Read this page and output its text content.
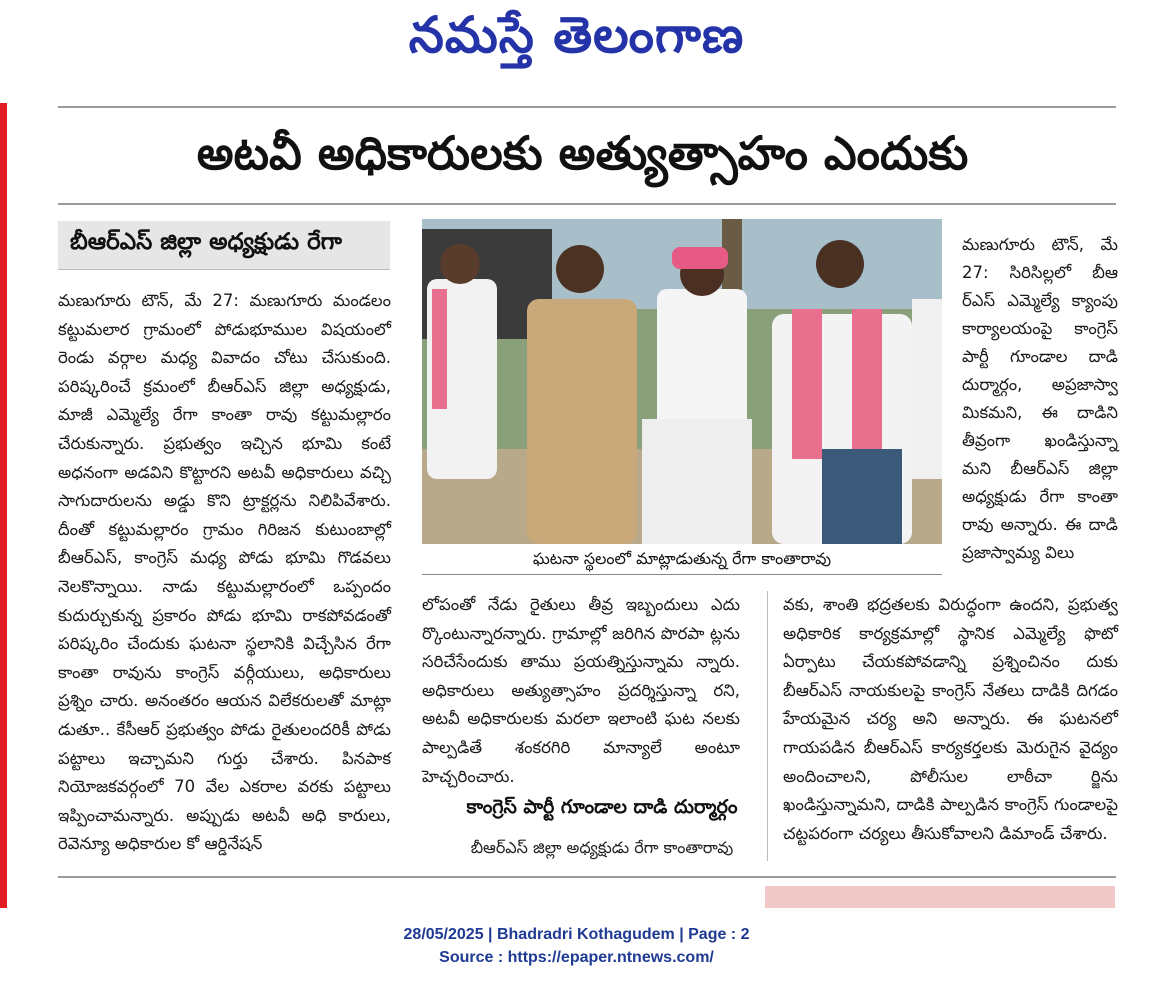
నమస్తే తెలంగాణ
అటవీ అధికారులకు అత్యుత్సాహం ఎందుకు
బీఆర్ఎస్ జిల్లా అధ్యక్షుడు రేగా
మణుగూరు టౌన్, మే 27: మణుగూరు మండలం కట్టుమలార గ్రామంలో పోడుభూముల విషయంలో రెండు వర్గాల మధ్య వివాదం చోటు చేసుకుంది. పరిష్కరించే క్రమంలో బీఆర్ఎస్ జిల్లా అధ్యక్షుడు, మాజీ ఎమ్మెల్యే రేగా కాంతా రావు కట్టుమల్లారం చేరుకున్నారు. ప్రభుత్వం ఇచ్చిన భూమి కంటే అధనంగా అడవిని కొట్టారని అటవీ అధికారులు వచ్చి సాగుదారులను అడ్డు కొని ట్రాక్టర్లను నిలిపివేశారు. దీంతో కట్టుమల్లారం గ్రామం గిరిజన కుటుంబాల్లో బీఆర్ఎస్, కాంగ్రెస్ మధ్య పోడు భూమి గొడవలు నెలకొన్నాయి. నాడు కట్టుమల్లారంలో ఒప్పందం కుదుర్చుకున్న ప్రకారం పోడు భూమి రాకపోవడంతో పరిష్కరిం చేందుకు ఘటనా స్థలానికి విచ్చేసిన రేగా కాంతా రావును కాంగ్రెస్ వర్గీయులు, అధికారులు ప్రశ్నిం చారు. అనంతరం ఆయన విలేకరులతో మాట్లా డుతూ.. కేసీఆర్ ప్రభుత్వం పోడు రైతులందరికీ పోడు పట్టాలు ఇచ్చామని గుర్తు చేశారు. పినపాక నియోజకవర్గంలో 70 వేల ఎకరాల వరకు పట్టాలు ఇప్పించామన్నారు. అప్పుడు అటవీ అధి కారులు, రెవెన్యూ అధికారుల కో ఆర్డినేషన్
ఘటనా స్థలంలో మాట్లాడుతున్న రేగా కాంతారావు
మణుగూరు టౌన్, మే 27: సిరిసిల్లలో బీఆ ర్ఎస్ ఎమ్మెల్యే క్యాంపు కార్యాలయంపై కాంగ్రెస్ పార్టీ గూండాల దాడి దుర్మార్గం, అప్రజాస్వా మికమని, ఈ దాడిని తీవ్రంగా ఖండిస్తున్నా మని బీఆర్ఎస్ జిల్లా అధ్యక్షుడు రేగా కాంతా రావు అన్నారు. ఈ దాడి ప్రజాస్వామ్య విలు
లోపంతో నేడు రైతులు తీవ్ర ఇబ్బందులు ఎదు ర్కొంటున్నారన్నారు. గ్రామాల్లో జరిగిన పొరపా ట్లను సరిచేసేందుకు తాము ప్రయత్నిస్తున్నామ న్నారు. అధికారులు అత్యుత్సాహం ప్రదర్శిస్తున్నా రని, అటవీ అధికారులకు మరలా ఇలాంటి ఘట నలకు పాల్పడితే శంకరగిరి మాన్యాలే అంటూ హెచ్చరించారు.
వకు, శాంతి భద్రతలకు విరుద్ధంగా ఉందని, ప్రభుత్వ అధికారిక కార్యక్రమాల్లో స్థానిక ఎమ్మెల్యే ఫొటో ఏర్పాటు చేయకపోవడాన్ని ప్రశ్నించినం దుకు బీఆర్ఎస్ నాయకులపై కాంగ్రెస్ నేతలు దాడికి దిగడం హేయమైన చర్య అని అన్నారు. ఈ ఘటనలో గాయపడిన బీఆర్ఎస్ కార్యకర్తలకు మెరుగైన వైద్యం అందించాలని, పోలీసుల లాఠీచా ర్జిను ఖండిస్తున్నామని, దాడికి పాల్పడిన కాంగ్రెస్ గుండాలపై చట్టపరంగా చర్యలు తీసుకోవాలని డిమాండ్ చేశారు.
కాంగ్రెస్ పార్టీ గూండాల దాడి దుర్మార్గం
బీఆర్ఎస్ జిల్లా అధ్యక్షుడు రేగా కాంతారావు
28/05/2025 | Bhadradri Kothagudem | Page : 2
Source : https://epaper.ntnews.com/
